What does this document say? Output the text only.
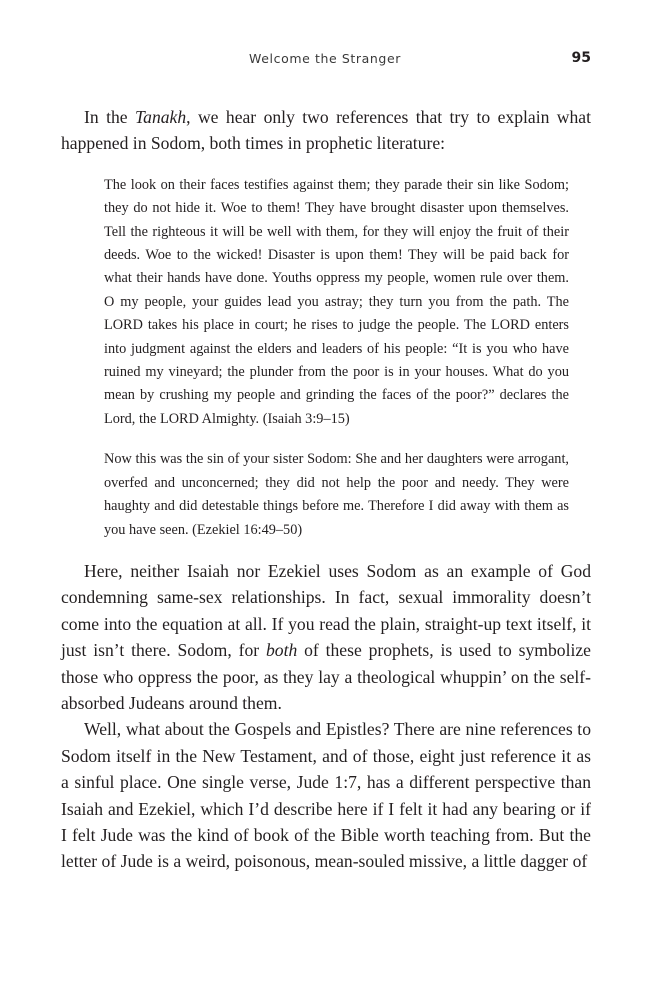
Welcome the Stranger	95

In the Tanakh, we hear only two references that try to explain what happened in Sodom, both times in prophetic literature:

The look on their faces testifies against them; they parade their sin like Sodom; they do not hide it. Woe to them! They have brought disaster upon themselves. Tell the righteous it will be well with them, for they will enjoy the fruit of their deeds. Woe to the wicked! Disaster is upon them! They will be paid back for what their hands have done. Youths oppress my people, women rule over them. O my people, your guides lead you astray; they turn you from the path. The LORD takes his place in court; he rises to judge the people. The LORD enters into judgment against the elders and leaders of his people: “It is you who have ruined my vineyard; the plunder from the poor is in your houses. What do you mean by crushing my people and grinding the faces of the poor?” declares the Lord, the LORD Almighty. (Isaiah 3:9–15)

Now this was the sin of your sister Sodom: She and her daughters were arrogant, overfed and unconcerned; they did not help the poor and needy. They were haughty and did detestable things before me. Therefore I did away with them as you have seen. (Ezekiel 16:49–50)

Here, neither Isaiah nor Ezekiel uses Sodom as an example of God condemning same-sex relationships. In fact, sexual immorality doesn’t come into the equation at all. If you read the plain, straight-up text itself, it just isn’t there. Sodom, for both of these prophets, is used to symbolize those who oppress the poor, as they lay a theological whuppin’ on the self-absorbed Judeans around them.

Well, what about the Gospels and Epistles? There are nine references to Sodom itself in the New Testament, and of those, eight just reference it as a sinful place. One single verse, Jude 1:7, has a different perspective than Isaiah and Ezekiel, which I’d describe here if I felt it had any bearing or if I felt Jude was the kind of book of the Bible worth teaching from. But the letter of Jude is a weird, poisonous, mean-souled missive, a little dagger of
